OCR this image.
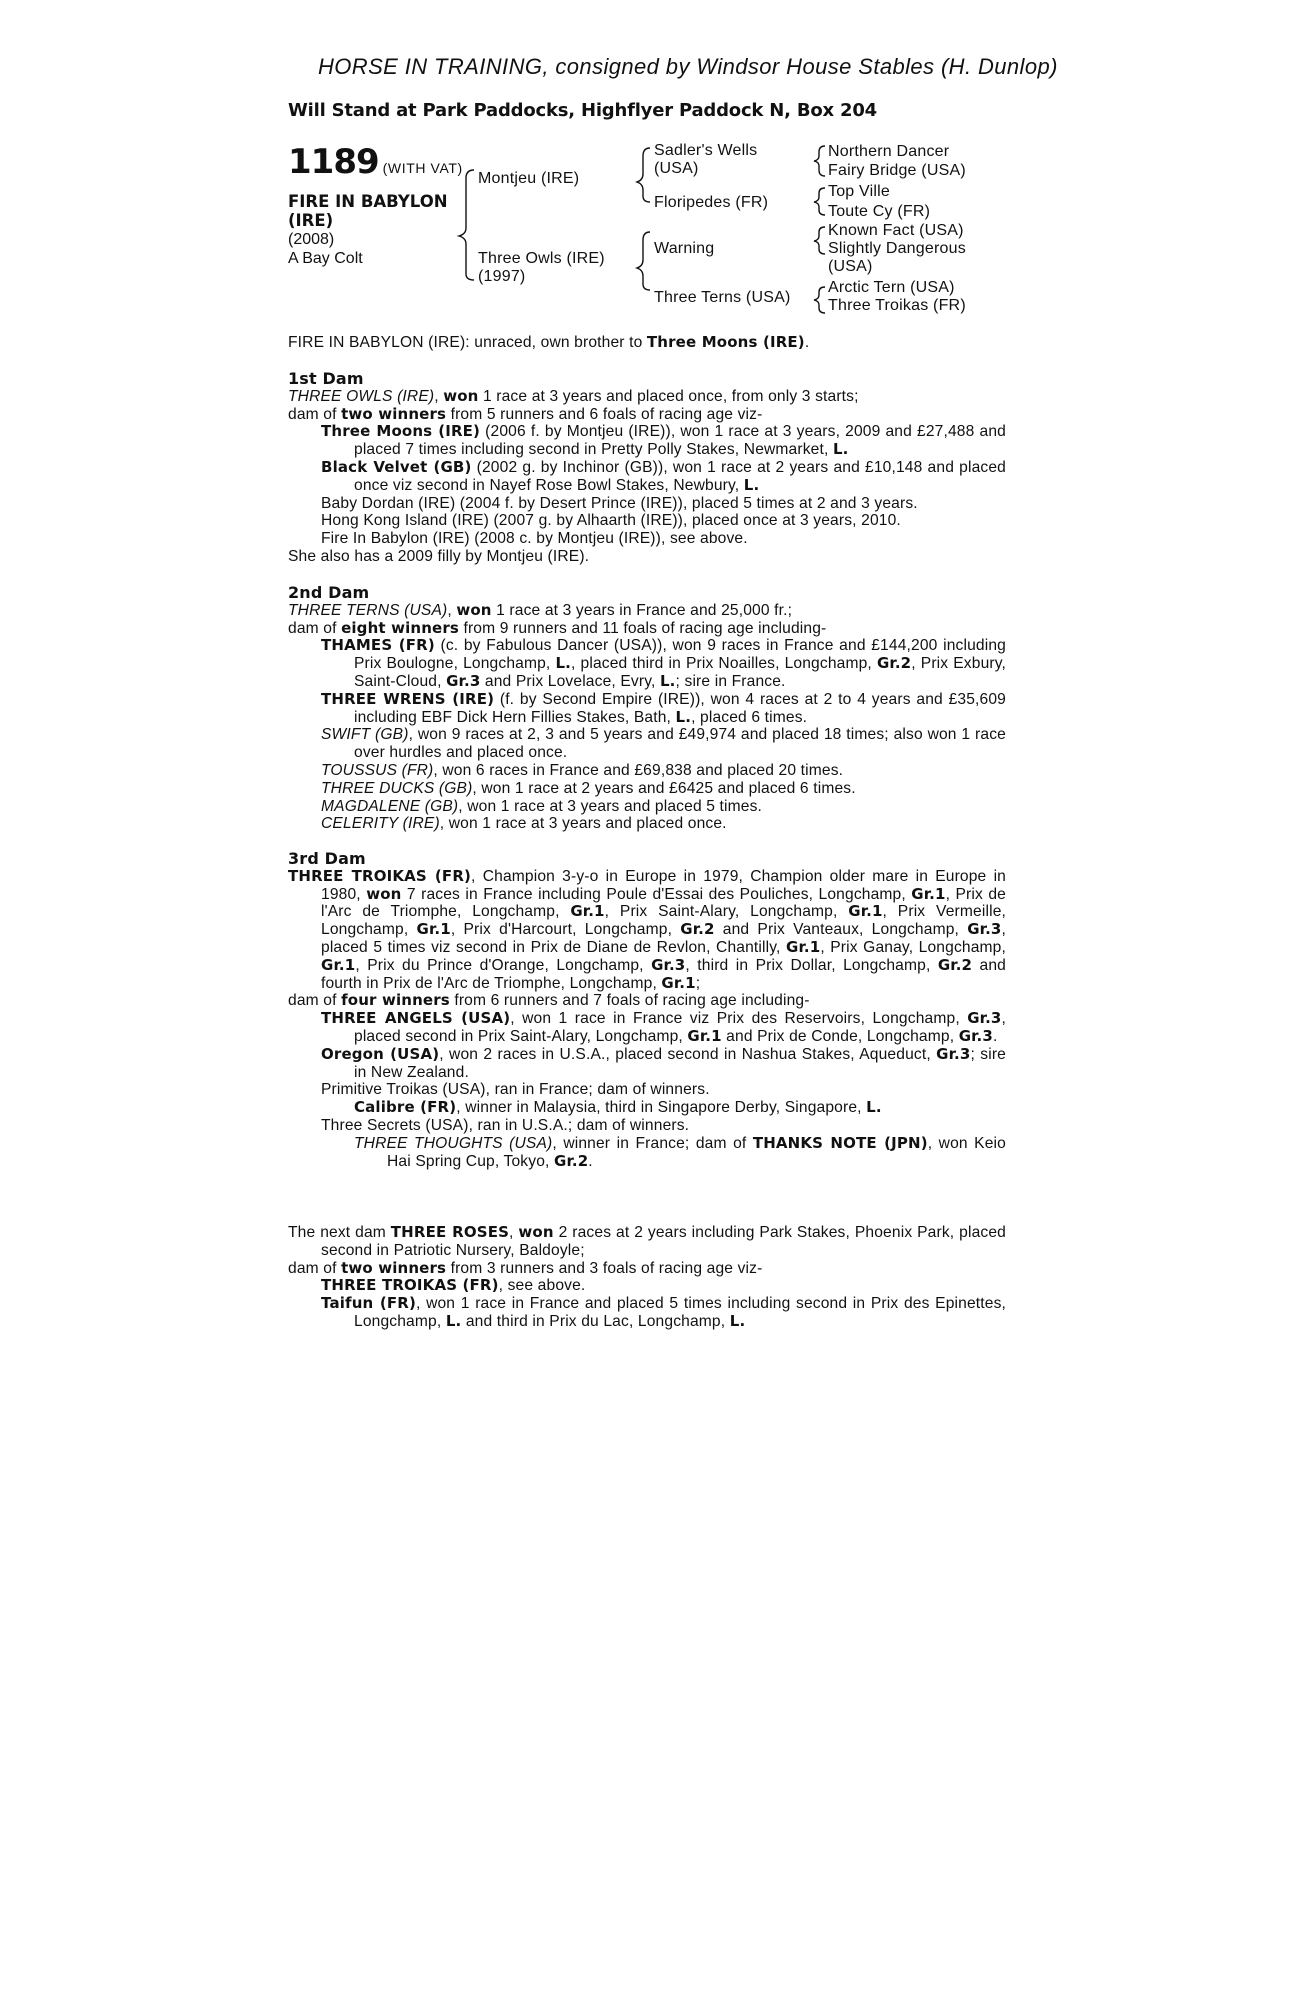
HORSE IN TRAINING, consigned by Windsor House Stables (H. Dunlop)
Will Stand at Park Paddocks, Highflyer Paddock N, Box 204
1189 (WITH VAT)
FIRE IN BABYLON (IRE)
(2008)
A Bay Colt
Montjeu (IRE)
Three Owls (IRE)
(1997)
Sadler's Wells (USA)
Floripedes (FR)
Warning
Three Terns (USA)
Northern Dancer
Fairy Bridge (USA)
Top Ville
Toute Cy (FR)
Known Fact (USA)
Slightly Dangerous
(USA)
Arctic Tern (USA)
Three Troikas (FR)

FIRE IN BABYLON (IRE): unraced, own brother to Three Moons (IRE).

1st Dam

THREE OWLS (IRE), won 1 race at 3 years and placed once, from only 3 starts;

dam of two winners from 5 runners and 6 foals of racing age viz-

Three Moons (IRE) (2006 f. by Montjeu (IRE)), won 1 race at 3 years, 2009 and £27,488 and placed 7 times including second in Pretty Polly Stakes, Newmarket, L.

Black Velvet (GB) (2002 g. by Inchinor (GB)), won 1 race at 2 years and £10,148 and placed once viz second in Nayef Rose Bowl Stakes, Newbury, L.

Baby Dordan (IRE) (2004 f. by Desert Prince (IRE)), placed 5 times at 2 and 3 years.

Hong Kong Island (IRE) (2007 g. by Alhaarth (IRE)), placed once at 3 years, 2010.

Fire In Babylon (IRE) (2008 c. by Montjeu (IRE)), see above.

She also has a 2009 filly by Montjeu (IRE).

2nd Dam

THREE TERNS (USA), won 1 race at 3 years in France and 25,000 fr.;

dam of eight winners from 9 runners and 11 foals of racing age including-

THAMES (FR) (c. by Fabulous Dancer (USA)), won 9 races in France and £144,200 including Prix Boulogne, Longchamp, L., placed third in Prix Noailles, Longchamp, Gr.2, Prix Exbury, Saint-Cloud, Gr.3 and Prix Lovelace, Evry, L.; sire in France.

THREE WRENS (IRE) (f. by Second Empire (IRE)), won 4 races at 2 to 4 years and £35,609 including EBF Dick Hern Fillies Stakes, Bath, L., placed 6 times.

SWIFT (GB), won 9 races at 2, 3 and 5 years and £49,974 and placed 18 times; also won 1 race over hurdles and placed once.

TOUSSUS (FR), won 6 races in France and £69,838 and placed 20 times.

THREE DUCKS (GB), won 1 race at 2 years and £6425 and placed 6 times.

MAGDALENE (GB), won 1 race at 3 years and placed 5 times.

CELERITY (IRE), won 1 race at 3 years and placed once.

3rd Dam

THREE TROIKAS (FR), Champion 3-y-o in Europe in 1979, Champion older mare in Europe in 1980, won 7 races in France including Poule d'Essai des Pouliches, Longchamp, Gr.1, Prix de l'Arc de Triomphe, Longchamp, Gr.1, Prix Saint-Alary, Longchamp, Gr.1, Prix Vermeille, Longchamp, Gr.1, Prix d'Harcourt, Longchamp, Gr.2 and Prix Vanteaux, Longchamp, Gr.3, placed 5 times viz second in Prix de Diane de Revlon, Chantilly, Gr.1, Prix Ganay, Longchamp, Gr.1, Prix du Prince d'Orange, Longchamp, Gr.3, third in Prix Dollar, Longchamp, Gr.2 and fourth in Prix de l'Arc de Triomphe, Longchamp, Gr.1;

dam of four winners from 6 runners and 7 foals of racing age including-

THREE ANGELS (USA), won 1 race in France viz Prix des Reservoirs, Longchamp, Gr.3, placed second in Prix Saint-Alary, Longchamp, Gr.1 and Prix de Conde, Longchamp, Gr.3.

Oregon (USA), won 2 races in U.S.A., placed second in Nashua Stakes, Aqueduct, Gr.3; sire in New Zealand.

Primitive Troikas (USA), ran in France; dam of winners.

Calibre (FR), winner in Malaysia, third in Singapore Derby, Singapore, L.

Three Secrets (USA), ran in U.S.A.; dam of winners.

THREE THOUGHTS (USA), winner in France; dam of THANKS NOTE (JPN), won Keio Hai Spring Cup, Tokyo, Gr.2.

The next dam THREE ROSES, won 2 races at 2 years including Park Stakes, Phoenix Park, placed second in Patriotic Nursery, Baldoyle;

dam of two winners from 3 runners and 3 foals of racing age viz-

THREE TROIKAS (FR), see above.

Taifun (FR), won 1 race in France and placed 5 times including second in Prix des Epinettes, Longchamp, L. and third in Prix du Lac, Longchamp, L.
